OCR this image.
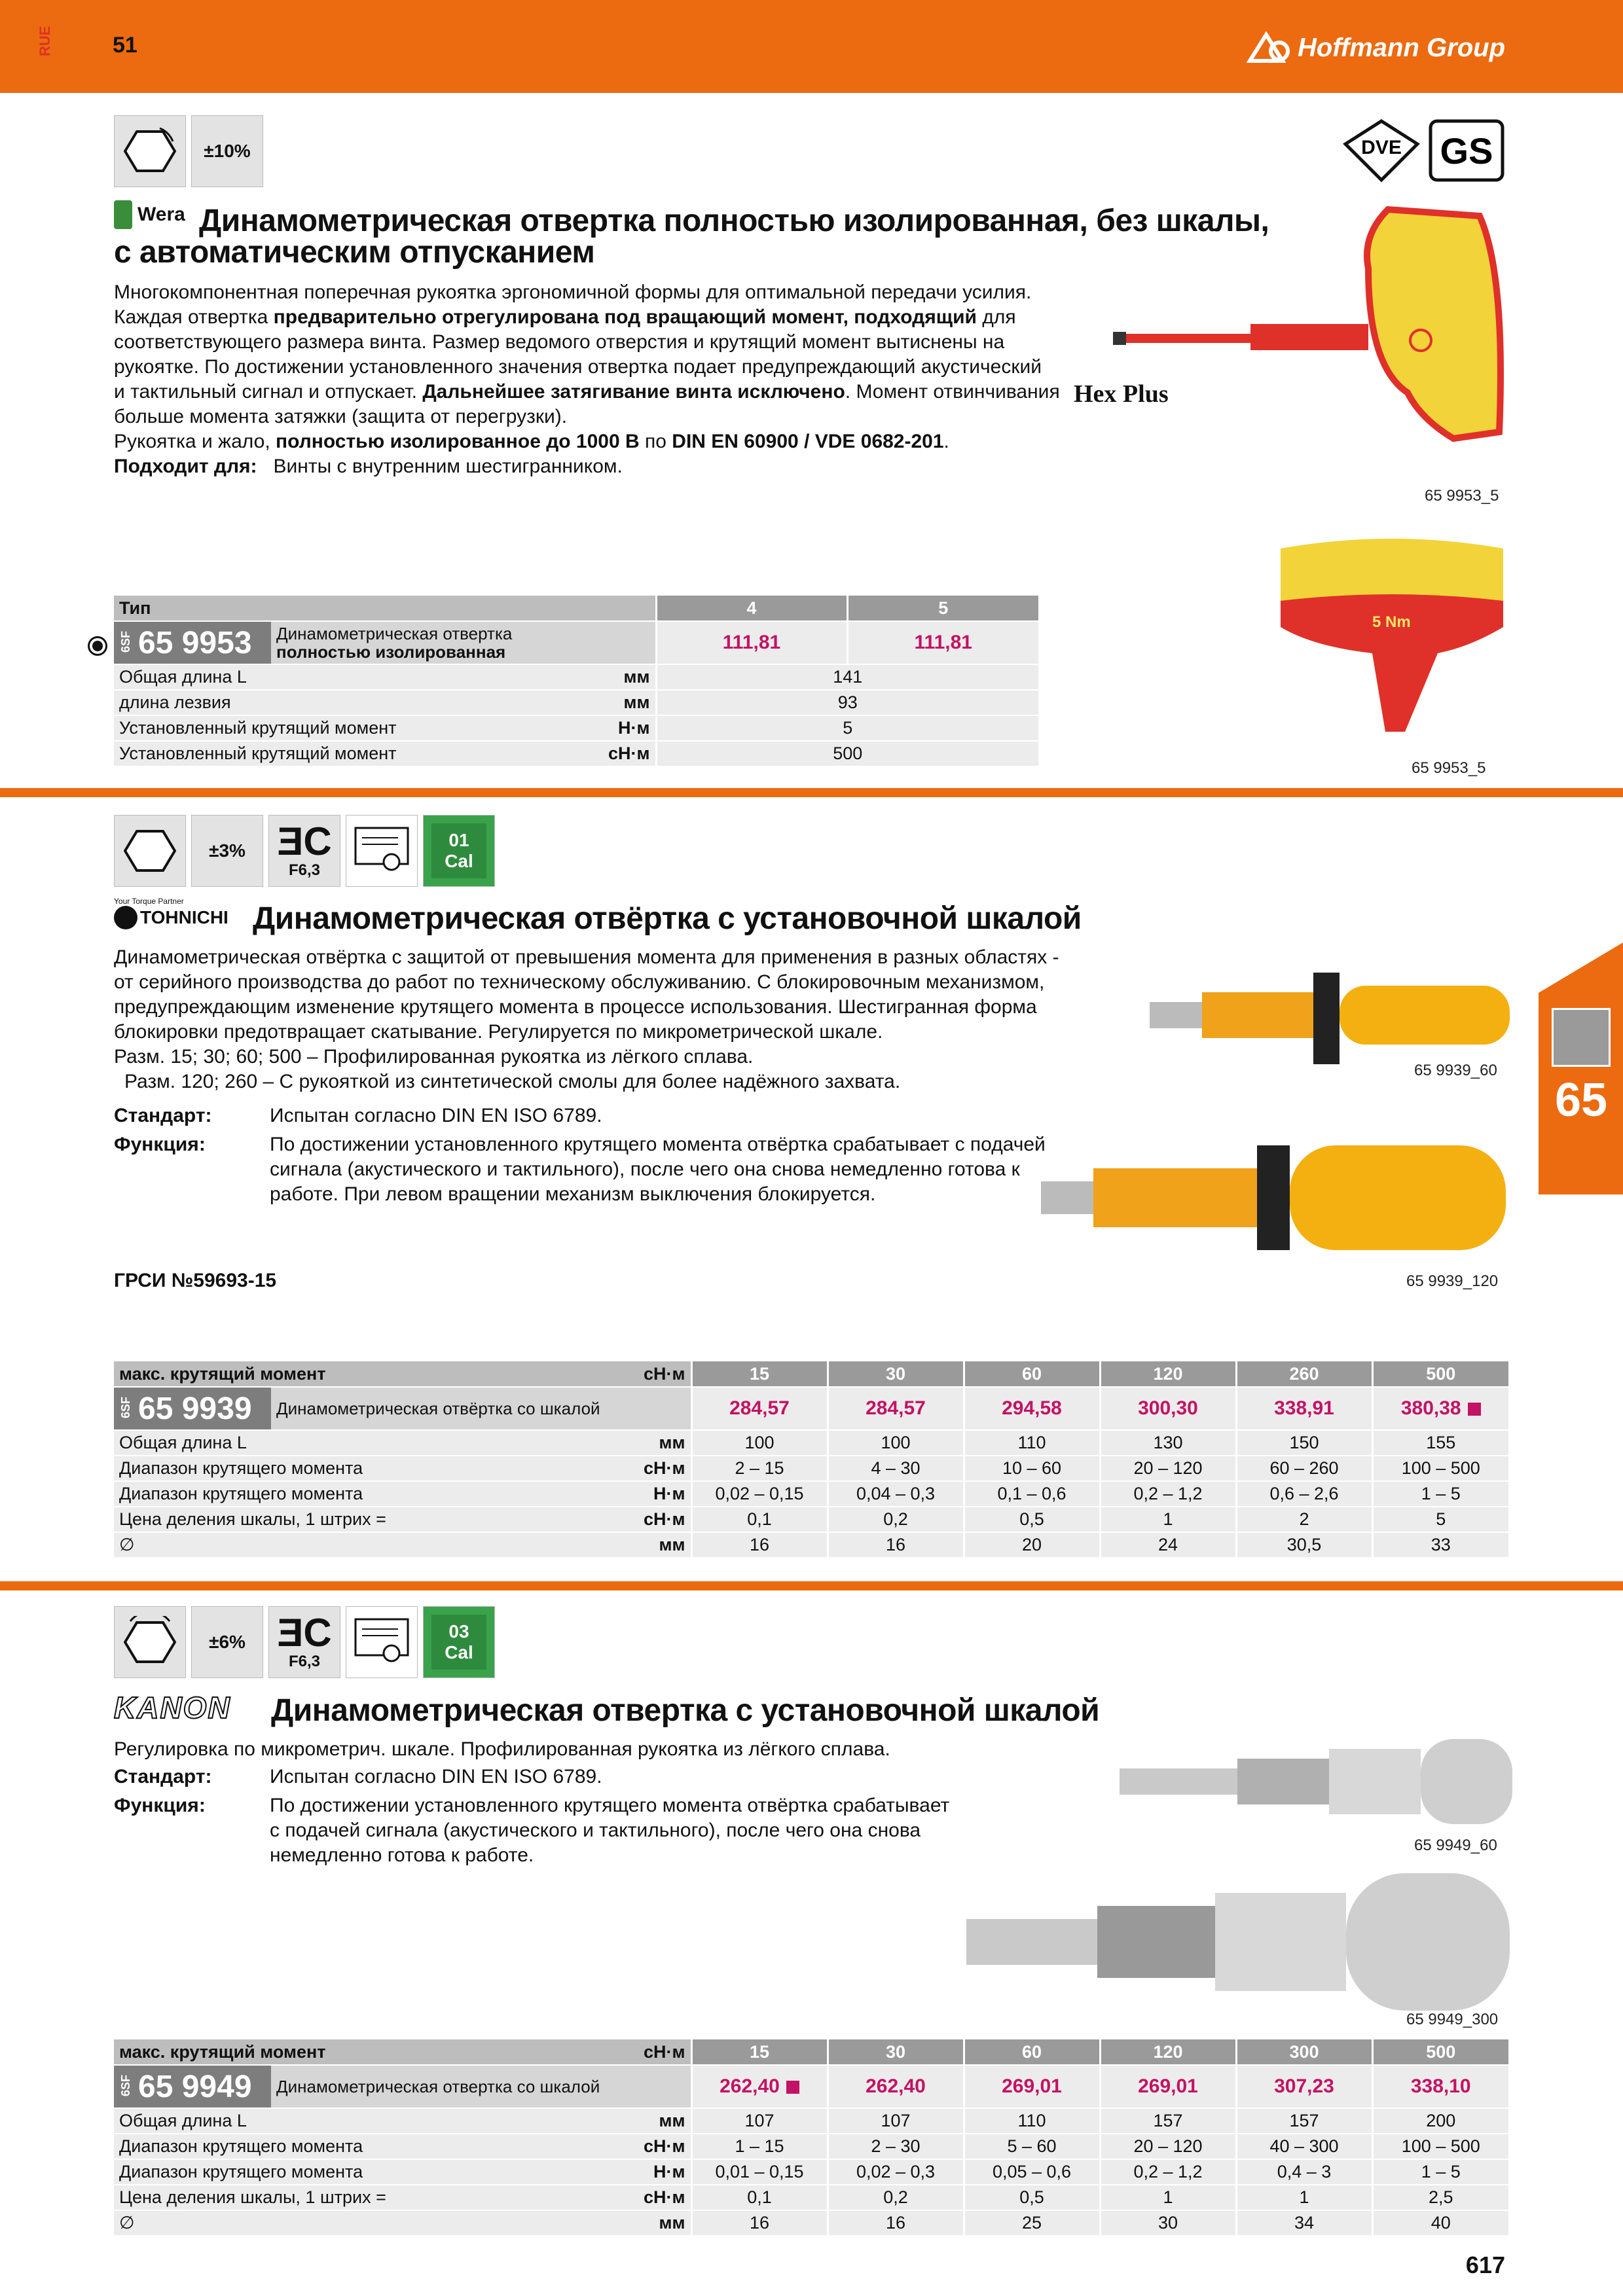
RUE	51	Hoffmann Group
±10%	DVE GS
Wera Динамометрическая отвертка полностью изолированная, без шкалы,
с автоматическим отпусканием
Многокомпонентная поперечная рукоятка эргономичной формы для оптимальной передачи усилия.
Каждая отвертка предварительно отрегулирована под вращающий момент, подходящий для
соответствующего размера винта. Размер ведомого отверстия и крутящий момент вытиснены на
рукоятке. По достижении установленного значения отвертка подает предупреждающий акустический
и тактильный сигнал и отпускает. Дальнейшее затягивание винта исключено. Момент отвинчивания
больше момента затяжки (защита от перегрузки).
Рукоятка и жало, полностью изолированное до 1000 В по DIN EN 60900 / VDE 0682-201.
Подходит для: Винты с внутренним шестигранником.
Hex Plus
65 9953_5
5 Nm
65 9953_5
Тип			4	5
6SF 65 9953	Динамометрическая отвертка
полностью изолированная		111,81	111,81
Общая длина L		мм	141	
длина лезвия		мм	93	
Установленный крутящий момент		Н·м	5	
Установленный крутящий момент		сН·м	500	
±3% ƎC
F6,3
01
Cal
Your Torque Partner
TOHNICHI Динамометрическая отвёртка с установочной шкалой
Динамометрическая отвёртка с защитой от превышения момента для применения в разных областях -
от серийного производства до работ по техническому обслуживанию. С блокировочным механизмом,
предупреждающим изменение крутящего момента в процессе использования. Шестигранная форма
блокировки предотвращает скатывание. Регулируется по микрометрической шкале.
Разм. 15; 30; 60; 500 – Профилированная рукоятка из лёгкого сплава.
Разм. 120; 260 – С рукояткой из синтетической смолы для более надёжного захвата.
Стандарт:	Испытан согласно DIN EN ISO 6789.
Функция:	По достижении установленного крутящего момента отвёртка срабатывает с подачей
сигнала (акустического и тактильного), после чего она снова немедленно готова к
работе. При левом вращении механизм выключения блокируется.
ГРСИ №59693-15
65 9939_60
65 9939_120
65
макс. крутящий момент		сН·м	15	30	60	120	260	500
6SF 65 9939	Динамометрическая отвёртка со шкалой		284,57	284,57	294,58	300,30	338,91	380,38
Общая длина L		мм	100	100	110	130	150	155
Диапазон крутящего момента		сН·м	2 – 15	4 – 30	10 – 60	20 – 120	60 – 260	100 – 500
Диапазон крутящего момента		Н·м	0,02 – 0,15	0,04 – 0,3	0,1 – 0,6	0,2 – 1,2	0,6 – 2,6	1 – 5
Цена деления шкалы, 1 штрих =		сН·м	0,1	0,2	0,5	1	2	5
∅		мм	16	16	20	24	30,5	33
±6% ƎC
F6,3
03
Cal
KANON Динамометрическая отвертка с установочной шкалой
Регулировка по микрометрич. шкале. Профилированная рукоятка из лёгкого сплава.
Стандарт:	Испытан согласно DIN EN ISO 6789.
Функция:	По достижении установленного крутящего момента отвёртка срабатывает
с подачей сигнала (акустического и тактильного), после чего она снова
немедленно готова к работе.	65 9949_60
65 9949_300
макс. крутящий момент		сН·м	15	30	60	120	300	500
6SF 65 9949	Динамометрическая отвертка со шкалой		262,40	262,40	269,01	269,01	307,23	338,10
Общая длина L		мм	107	107	110	157	157	200
Диапазон крутящего момента		сН·м	1 – 15	2 – 30	5 – 60	20 – 120	40 – 300	100 – 500
Диапазон крутящего момента		Н·м	0,01 – 0,15	0,02 – 0,3	0,05 – 0,6	0,2 – 1,2	0,4 – 3	1 – 5
Цена деления шкалы, 1 штрих =		сН·м	0,1	0,2	0,5	1	1	2,5
∅		мм	16	16	25	30	34	40
617
